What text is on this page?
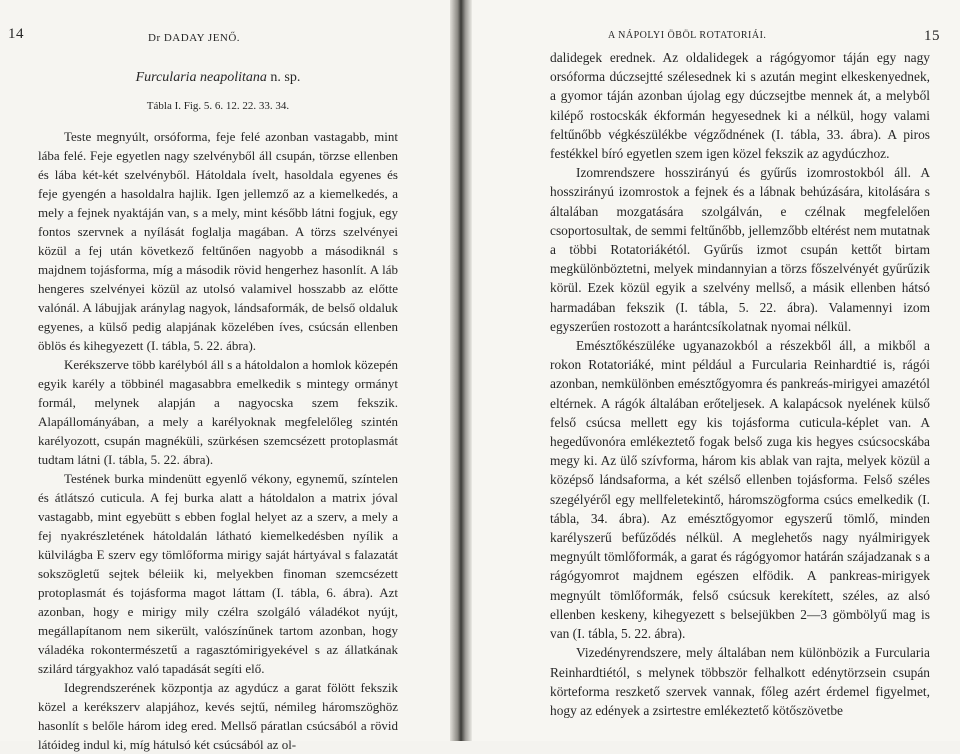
14	Dr DADAY JENŐ.
Furcularia neapolitana n. sp.
Tábla I. Fig. 5. 6. 12. 22. 33. 34.

Teste megnyúlt, orsóforma, feje felé azonban vastagabb, mint lába felé. Feje egyetlen nagy szelvényből áll csupán, törzse ellenben és lába két-két szelvényből. Hátoldala ívelt, hasoldala egyenes és feje gyengén a hasoldalra hajlik. Igen jellemző az a kiemelkedés, a mely a fejnek nyaktáján van, s a mely, mint később látni fogjuk, egy fontos szervnek a nyílását foglalja magában. A törzs szelvényei közül a fej után következő feltűnően nagyobb a másodiknál s majdnem tojásforma, míg a második rövid hengerhez hasonlít. A láb hengeres szelvényei közül az utolsó valamivel hosszabb az előtte valónál. A lábujjak aránylag nagyok, lándsaformák, de belső oldaluk egyenes, a külső pedig alapjának közelében íves, csúcsán ellenben öblös és kihegyezett (I. tábla, 5. 22. ábra).

Kerékszerve több karélyból áll s a hátoldalon a homlok közepén egyik karély a többinél magasabbra emelkedik s mintegy ormányt formál, melynek alapján a nagyocska szem fekszik. Alapállományában, a mely a karélyoknak megfelelőleg szintén karélyozott, csupán magnéküli, szürkésen szemcsézett protoplasmát tudtam látni (I. tábla, 5. 22. ábra).

Testének burka mindenütt egyenlő vékony, egynemű, színtelen és átlátszó cuticula. A fej burka alatt a hátoldalon a matrix jóval vastagabb, mint egyebütt s ebben foglal helyet az a szerv, a mely a fej nyakrészletének hátoldalán látható kiemelkedésben nyílik a külvilágba E szerv egy tömlőforma mirigy saját hártyával s falazatát sokszögletű sejtek béleiik ki, melyekben finoman szemcsézett protoplasmát és tojásforma magot láttam (I. tábla, 6. ábra). Azt azonban, hogy e mirigy mily czélra szolgáló váladékot nyújt, megállapítanom nem sikerült, valószínűnek tartom azonban, hogy váladéka rokontermészetű a ragasztómirigyekével s az állatkának szilárd tárgyakhoz való tapadását segíti elő.

Idegrendszerének központja az agydúcz a garat fölött fekszik közel a kerékszerv alapjához, kevés sejtű, némileg háromszöghöz hasonlít s belőle három ideg ered. Mellső páratlan csúcsából a rövid látóideg indul ki, míg hátulsó két csúcsából az ol-

A NÁPOLYI ÖBÖL ROTATORIÁI.	15

dalidegek erednek. Az oldalidegek a rágógyomor táján egy nagy orsóforma dúczsejtté szélesednek ki s azután megint elkeskenyednek, a gyomor táján azonban újolag egy dúczsejtbe mennek át, a melyből kilépő rostocskák ékformán hegyesednek ki a nélkül, hogy valami feltűnőbb végkészülékbe végződnének (I. tábla, 33. ábra). A piros festékkel bíró egyetlen szem igen közel fekszik az agydúczhoz.

Izomrendszere hosszirányú és gyűrűs izomrostokból áll. A hosszirányú izomrostok a fejnek és a lábnak behúzására, kitolására s általában mozgatására szolgálván, e czélnak megfelelően csoportosultak, de semmi feltűnőbb, jellemzőbb eltérést nem mutatnak a többi Rotatoriákétól. Gyűrűs izmot csupán kettőt birtam megkülönböztetni, melyek mindannyian a törzs főszelvényét gyűrűzik körül. Ezek közül egyik a szelvény mellső, a másik ellenben hátsó harmadában fekszik (I. tábla, 5. 22. ábra). Valamennyi izom egyszerűen rostozott a harántcsíkolatnak nyomai nélkül.

Emésztőkészüléke ugyanazokból a részekből áll, a mikből a rokon Rotatoriáké, mint például a Furcularia Reinhardtié is, rágói azonban, nemkülönben emésztőgyomra és pankreás-mirigyei amazétól eltérnek. A rágók általában erőteljesek. A kalapácsok nyelének külső felső csúcsa mellett egy kis tojásforma cuticula-képlet van. A hegedűvonóra emlékeztető fogak belső zuga kis hegyes csúcsocskába megy ki. Az ülő szívforma, három kis ablak van rajta, melyek közül a középső lándsaforma, a két szélső ellenben tojásforma. Felső széles szegélyéről egy mellfeletekintő, háromszögforma csúcs emelkedik (I. tábla, 34. ábra). Az emésztőgyomor egyszerű tömlő, minden karélyszerű befűződés nélkül. A meglehetős nagy nyálmirigyek megnyúlt tömlőformák, a garat és rágógyomor határán szájadzanak s a rágógyomrot majdnem egészen elfödik. A pankreas-mirigyek megnyúlt tömlőformák, felső csúcsuk kerekített, széles, az alsó ellenben keskeny, kihegyezett s belsejükben 2—3 gömbölyű mag is van (I. tábla, 5. 22. ábra).

Vizedényrendszere, mely általában nem különbözik a Furcularia Reinhardtiétól, s melynek többször felhalkott edénytörzsein csupán körteforma reszkető szervek vannak, főleg azért érdemel figyelmet, hogy az edények a zsirtestre emlékeztető kötőszövetbe
